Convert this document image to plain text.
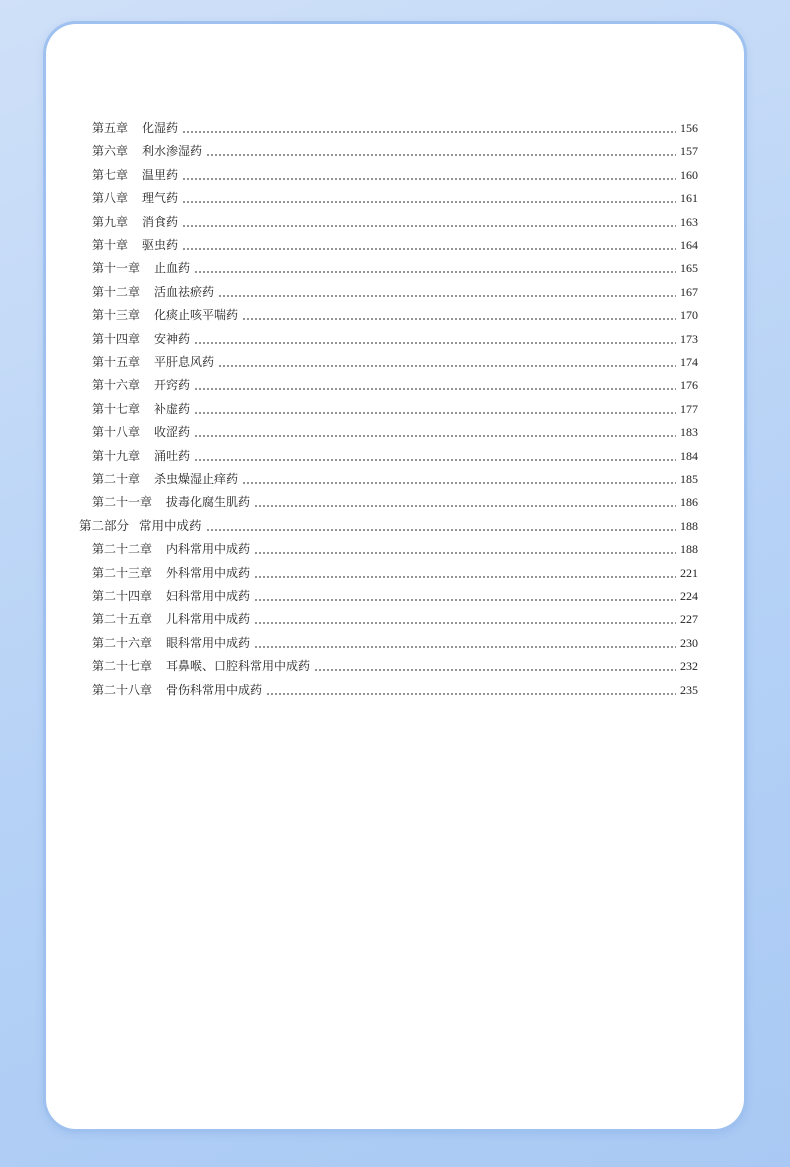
第五章 化湿药	156
第六章 利水渗湿药	157
第七章 温里药	160
第八章 理气药	161
第九章 消食药	163
第十章 驱虫药	164
第十一章 止血药	165
第十二章 活血祛瘀药	167
第十三章 化痰止咳平喘药	170
第十四章 安神药	173
第十五章 平肝息风药	174
第十六章 开窍药	176
第十七章 补虚药	177
第十八章 收涩药	183
第十九章 涌吐药	184
第二十章 杀虫燥湿止痒药	185
第二十一章 拔毒化腐生肌药	186
第二部分 常用中成药	188
第二十二章 内科常用中成药	188
第二十三章 外科常用中成药	221
第二十四章 妇科常用中成药	224
第二十五章 儿科常用中成药	227
第二十六章 眼科常用中成药	230
第二十七章 耳鼻喉、口腔科常用中成药	232
第二十八章 骨伤科常用中成药	235
